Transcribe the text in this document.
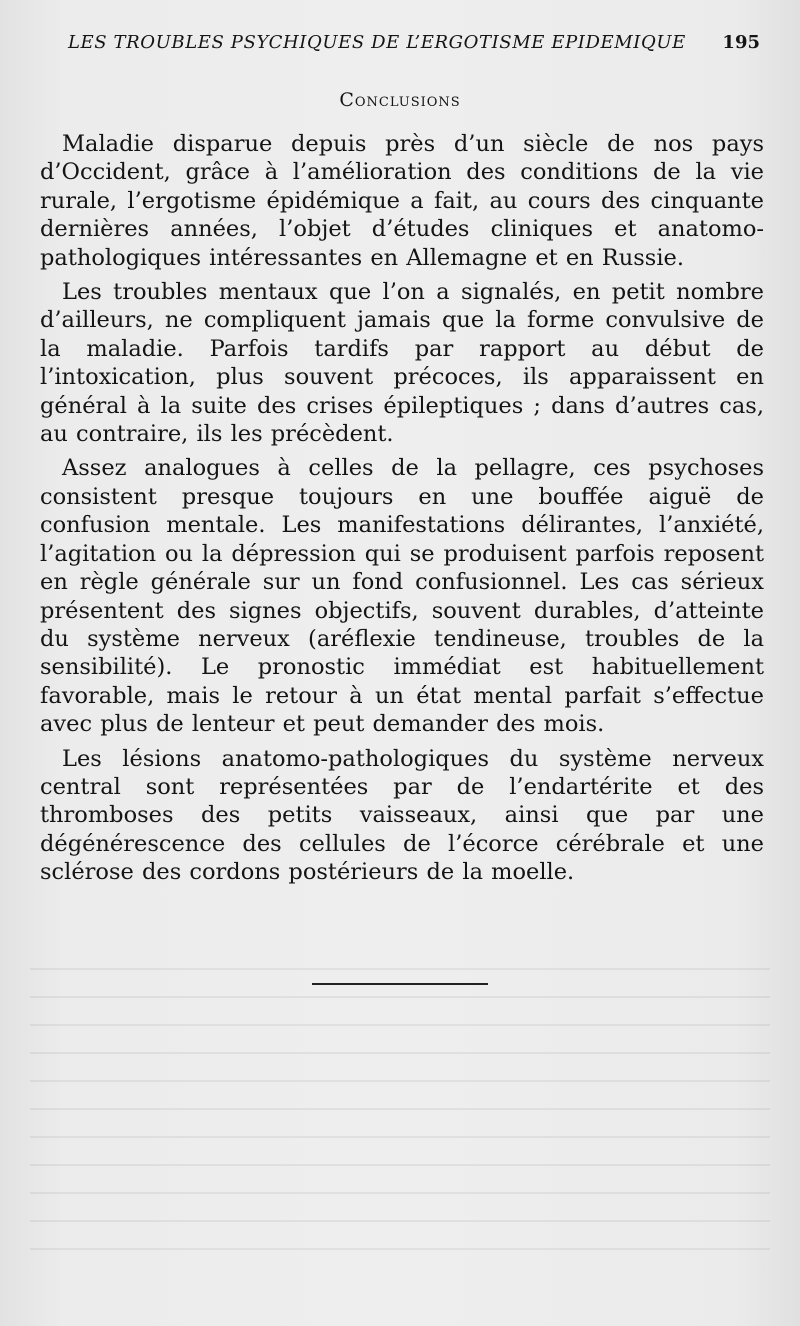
LES TROUBLES PSYCHIQUES DE L’ERGOTISME EPIDEMIQUE 195
Conclusions

Maladie disparue depuis près d’un siècle de nos pays d’Occident, grâce à l’amélioration des conditions de la vie rurale, l’ergotisme épidémique a fait, au cours des cinquante dernières années, l’objet d’études cliniques et anatomo-pathologiques intéressantes en Allemagne et en Russie.

Les troubles mentaux que l’on a signalés, en petit nombre d’ailleurs, ne compliquent jamais que la forme convulsive de la maladie. Parfois tardifs par rapport au début de l’intoxication, plus souvent précoces, ils apparaissent en général à la suite des crises épileptiques ; dans d’autres cas, au contraire, ils les précèdent.

Assez analogues à celles de la pellagre, ces psychoses consistent presque toujours en une bouffée aiguë de confusion mentale. Les manifestations délirantes, l’anxiété, l’agitation ou la dépression qui se produisent parfois reposent en règle générale sur un fond confusionnel. Les cas sérieux présentent des signes objectifs, souvent durables, d’atteinte du système nerveux (aréflexie tendineuse, troubles de la sensibilité). Le pronostic immédiat est habituellement favorable, mais le retour à un état mental parfait s’effectue avec plus de lenteur et peut demander des mois.

Les lésions anatomo-pathologiques du système nerveux central sont représentées par de l’endartérite et des thromboses des petits vaisseaux, ainsi que par une dégénérescence des cellules de l’écorce cérébrale et une sclérose des cordons postérieurs de la moelle.
